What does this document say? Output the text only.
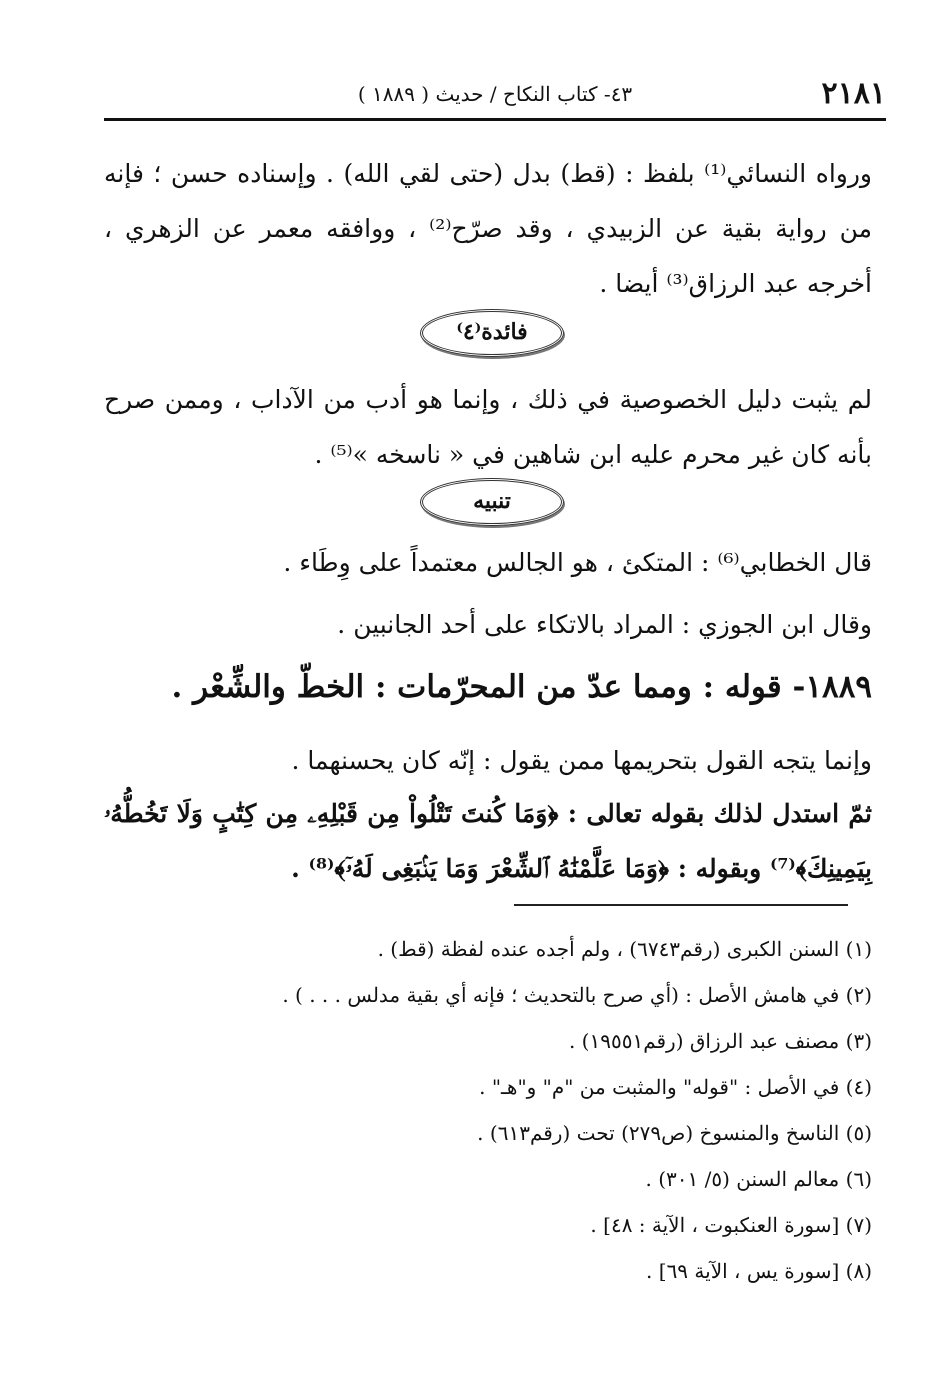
٢١٨١
٤٣- كتاب النكاح / حديث ( ١٨٨٩ )
ورواه النسائي⁽¹⁾ بلفظ : (قط) بدل (حتى لقي الله) . وإسناده حسن ؛ فإنه من رواية بقية عن الزبيدي ، وقد صرّح⁽²⁾ ، ووافقه معمر عن الزهري ، أخرجه عبد الرزاق⁽³⁾ أيضا .
فائدة⁽٤⁾
لم يثبت دليل الخصوصية في ذلك ، وإنما هو أدب من الآداب ، وممن صرح بأنه كان غير محرم عليه ابن شاهين في « ناسخه »⁽⁵⁾ .
تنبيه
قال الخطابي⁽⁶⁾ : المتكئ ، هو الجالس معتمداً على وِطَاء .
وقال ابن الجوزي : المراد بالاتكاء على أحد الجانبين .
١٨٨٩- قوله : ومما عدّ من المحرّمات : الخطّ والشِّعْر .
وإنما يتجه القول بتحريمها ممن يقول : إنّه كان يحسنهما .
ثمّ استدل لذلك بقوله تعالى : ﴿وَمَا كُنتَ تَتْلُواْ مِن قَبْلِهِۦ مِن كِتَٰبٍ وَلَا تَخُطُّهُۥ بِيَمِينِكَ﴾⁽⁷⁾ وبقوله : ﴿وَمَا عَلَّمْنَٰهُ ٱلشِّعْرَ وَمَا يَنۢبَغِى لَهُۥٓ﴾⁽⁸⁾ .
(١) السنن الكبرى (رقم٦٧٤٣) ، ولم أجده عنده لفظة (قط) .
(٢) في هامش الأصل : (أي صرح بالتحديث ؛ فإنه أي بقية مدلس . . . ) .
(٣) مصنف عبد الرزاق (رقم١٩٥٥١) .
(٤) في الأصل : "قوله" والمثبت من "م" و"هـ" .
(٥) الناسخ والمنسوخ (ص٢٧٩) تحت (رقم٦١٣) .
(٦) معالم السنن (٥/ ٣٠١) .
(٧) [سورة العنكبوت ، الآية : ٤٨] .
(٨) [سورة يس ، الآية ٦٩] .
